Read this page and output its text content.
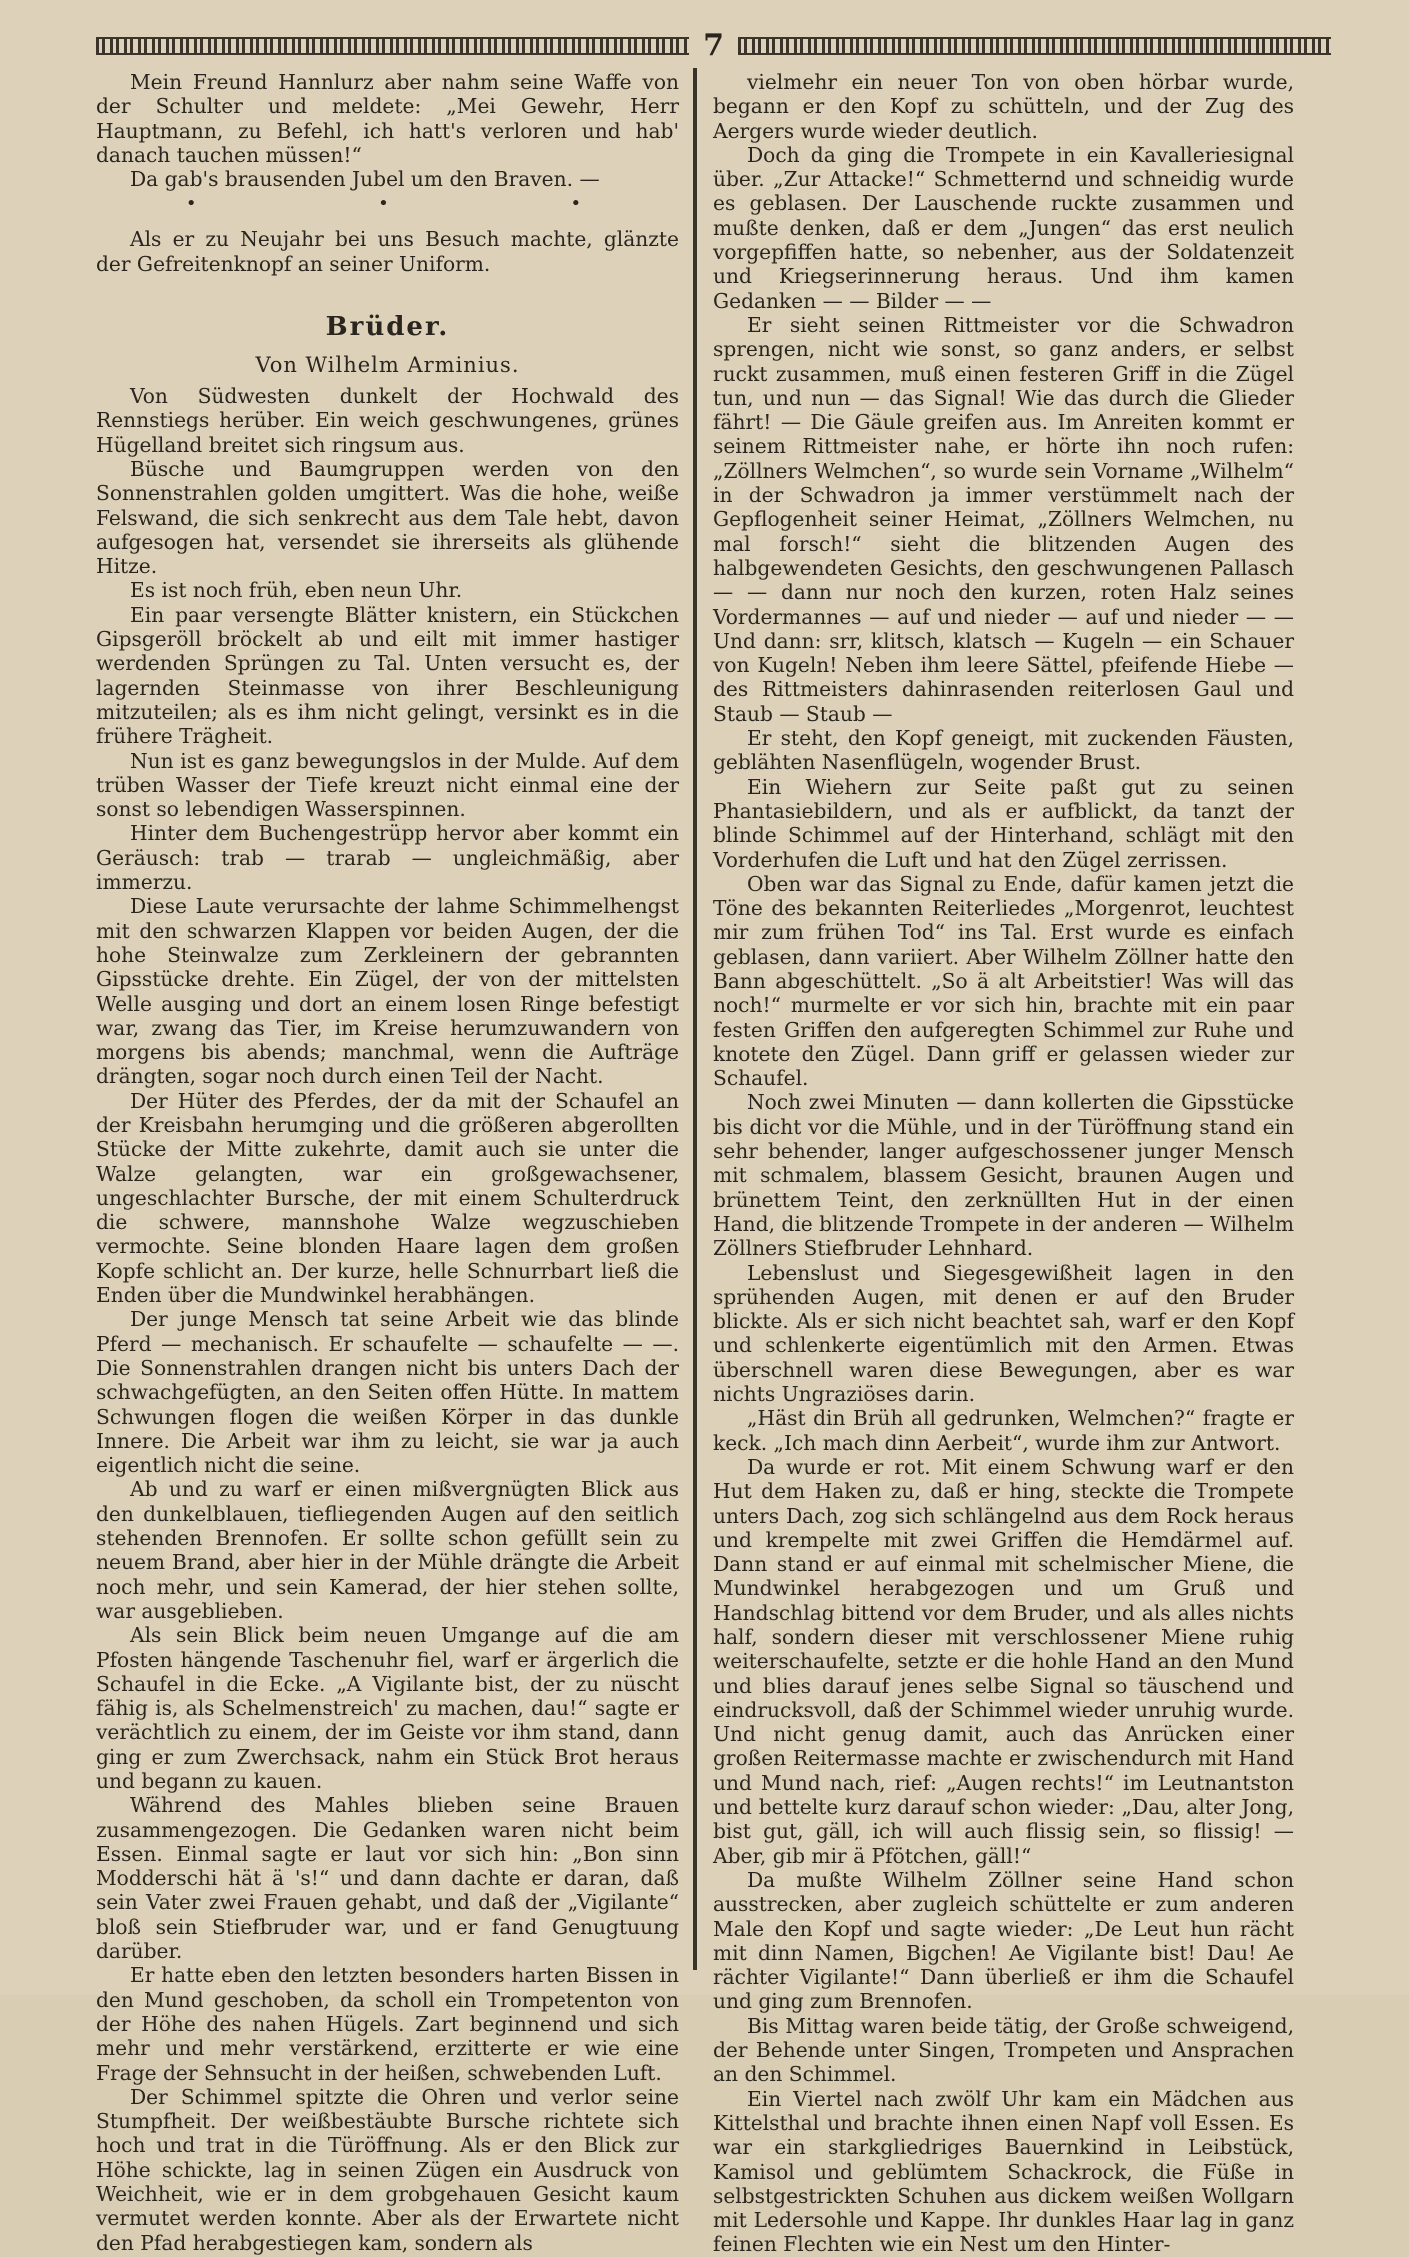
7

Mein Freund Hannlurz aber nahm seine Waffe von der Schulter und meldete: „Mei Gewehr, Herr Hauptmann, zu Befehl, ich hatt's verloren und hab' danach tauchen müssen!“

Da gab's brausenden Jubel um den Braven. —

• • •

Als er zu Neujahr bei uns Besuch machte, glänzte der Gefreitenknopf an seiner Uniform.

Brüder.
Von Wilhelm Arminius.

Von Südwesten dunkelt der Hochwald des Rennstiegs herüber. Ein weich geschwungenes, grünes Hügelland breitet sich ringsum aus.

Büsche und Baumgruppen werden von den Sonnenstrahlen golden umgittert. Was die hohe, weiße Felswand, die sich senkrecht aus dem Tale hebt, davon aufgesogen hat, versendet sie ihrerseits als glühende Hitze.

Es ist noch früh, eben neun Uhr.

Ein paar versengte Blätter knistern, ein Stückchen Gipsgeröll bröckelt ab und eilt mit immer hastiger werdenden Sprüngen zu Tal. Unten versucht es, der lagernden Steinmasse von ihrer Beschleunigung mitzuteilen; als es ihm nicht gelingt, versinkt es in die frühere Trägheit.

Nun ist es ganz bewegungslos in der Mulde. Auf dem trüben Wasser der Tiefe kreuzt nicht einmal eine der sonst so lebendigen Wasserspinnen.

Hinter dem Buchengestrüpp hervor aber kommt ein Geräusch: trab — trarab — ungleichmäßig, aber immerzu.

Diese Laute verursachte der lahme Schimmelhengst mit den schwarzen Klappen vor beiden Augen, der die hohe Steinwalze zum Zerkleinern der gebrannten Gipsstücke drehte. Ein Zügel, der von der mittelsten Welle ausging und dort an einem losen Ringe befestigt war, zwang das Tier, im Kreise herumzuwandern von morgens bis abends; manchmal, wenn die Aufträge drängten, sogar noch durch einen Teil der Nacht.

Der Hüter des Pferdes, der da mit der Schaufel an der Kreisbahn herumging und die größeren abgerollten Stücke der Mitte zukehrte, damit auch sie unter die Walze gelangten, war ein großgewachsener, ungeschlachter Bursche, der mit einem Schulterdruck die schwere, mannshohe Walze wegzuschieben vermochte. Seine blonden Haare lagen dem großen Kopfe schlicht an. Der kurze, helle Schnurrbart ließ die Enden über die Mundwinkel herabhängen.

Der junge Mensch tat seine Arbeit wie das blinde Pferd — mechanisch. Er schaufelte — schaufelte — —. Die Sonnenstrahlen drangen nicht bis unters Dach der schwachgefügten, an den Seiten offen Hütte. In mattem Schwungen flogen die weißen Körper in das dunkle Innere. Die Arbeit war ihm zu leicht, sie war ja auch eigentlich nicht die seine.

Ab und zu warf er einen mißvergnügten Blick aus den dunkelblauen, tiefliegenden Augen auf den seitlich stehenden Brennofen. Er sollte schon gefüllt sein zu neuem Brand, aber hier in der Mühle drängte die Arbeit noch mehr, und sein Kamerad, der hier stehen sollte, war ausgeblieben.

Als sein Blick beim neuen Umgange auf die am Pfosten hängende Taschenuhr fiel, warf er ärgerlich die Schaufel in die Ecke. „A Vigilante bist, der zu nüscht fähig is, als Schelmenstreich' zu machen, dau!“ sagte er verächtlich zu einem, der im Geiste vor ihm stand, dann ging er zum Zwerchsack, nahm ein Stück Brot heraus und begann zu kauen.

Während des Mahles blieben seine Brauen zusammengezogen. Die Gedanken waren nicht beim Essen. Einmal sagte er laut vor sich hin: „Bon sinn Modderschi hät ä 's!“ und dann dachte er daran, daß sein Vater zwei Frauen gehabt, und daß der „Vigilante“ bloß sein Stiefbruder war, und er fand Genugtuung darüber.

Er hatte eben den letzten besonders harten Bissen in den Mund geschoben, da scholl ein Trompetenton von der Höhe des nahen Hügels. Zart beginnend und sich mehr und mehr verstärkend, erzitterte er wie eine Frage der Sehnsucht in der heißen, schwebenden Luft.

Der Schimmel spitzte die Ohren und verlor seine Stumpfheit. Der weißbestäubte Bursche richtete sich hoch und trat in die Türöffnung. Als er den Blick zur Höhe schickte, lag in seinen Zügen ein Ausdruck von Weichheit, wie er in dem grobgehauen Gesicht kaum vermutet werden konnte. Aber als der Erwartete nicht den Pfad herabgestiegen kam, sondern als

vielmehr ein neuer Ton von oben hörbar wurde, begann er den Kopf zu schütteln, und der Zug des Aergers wurde wieder deutlich.

Doch da ging die Trompete in ein Kavalleriesignal über. „Zur Attacke!“ Schmetternd und schneidig wurde es geblasen. Der Lauschende ruckte zusammen und mußte denken, daß er dem „Jungen“ das erst neulich vorgepfiffen hatte, so nebenher, aus der Soldatenzeit und Kriegserinnerung heraus. Und ihm kamen Gedanken — — Bilder — —

Er sieht seinen Rittmeister vor die Schwadron sprengen, nicht wie sonst, so ganz anders, er selbst ruckt zusammen, muß einen festeren Griff in die Zügel tun, und nun — das Signal! Wie das durch die Glieder fährt! — Die Gäule greifen aus. Im Anreiten kommt er seinem Rittmeister nahe, er hörte ihn noch rufen: „Zöllners Welmchen“, so wurde sein Vorname „Wilhelm“ in der Schwadron ja immer verstümmelt nach der Gepflogenheit seiner Heimat, „Zöllners Welmchen, nu mal forsch!“ sieht die blitzenden Augen des halbgewendeten Gesichts, den geschwungenen Pallasch — — dann nur noch den kurzen, roten Halz seines Vordermannes — auf und nieder — auf und nieder — — Und dann: srr, klitsch, klatsch — Kugeln — ein Schauer von Kugeln! Neben ihm leere Sättel, pfeifende Hiebe — des Rittmeisters dahinrasenden reiterlosen Gaul und Staub — Staub —

Er steht, den Kopf geneigt, mit zuckenden Fäusten, geblähten Nasenflügeln, wogender Brust.

Ein Wiehern zur Seite paßt gut zu seinen Phantasiebildern, und als er aufblickt, da tanzt der blinde Schimmel auf der Hinterhand, schlägt mit den Vorderhufen die Luft und hat den Zügel zerrissen.

Oben war das Signal zu Ende, dafür kamen jetzt die Töne des bekannten Reiterliedes „Morgenrot, leuchtest mir zum frühen Tod“ ins Tal. Erst wurde es einfach geblasen, dann variiert. Aber Wilhelm Zöllner hatte den Bann abgeschüttelt. „So ä alt Arbeitstier! Was will das noch!“ murmelte er vor sich hin, brachte mit ein paar festen Griffen den aufgeregten Schimmel zur Ruhe und knotete den Zügel. Dann griff er gelassen wieder zur Schaufel.

Noch zwei Minuten — dann kollerten die Gipsstücke bis dicht vor die Mühle, und in der Türöffnung stand ein sehr behender, langer aufgeschossener junger Mensch mit schmalem, blassem Gesicht, braunen Augen und brünettem Teint, den zerknüllten Hut in der einen Hand, die blitzende Trompete in der anderen — Wilhelm Zöllners Stiefbruder Lehnhard.

Lebenslust und Siegesgewißheit lagen in den sprühenden Augen, mit denen er auf den Bruder blickte. Als er sich nicht beachtet sah, warf er den Kopf und schlenkerte eigentümlich mit den Armen. Etwas überschnell waren diese Bewegungen, aber es war nichts Ungraziöses darin.

„Häst din Brüh all gedrunken, Welmchen?“ fragte er keck. „Ich mach dinn Aerbeit“, wurde ihm zur Antwort.

Da wurde er rot. Mit einem Schwung warf er den Hut dem Haken zu, daß er hing, steckte die Trompete unters Dach, zog sich schlängelnd aus dem Rock heraus und krempelte mit zwei Griffen die Hemdärmel auf. Dann stand er auf einmal mit schelmischer Miene, die Mundwinkel herabgezogen und um Gruß und Handschlag bittend vor dem Bruder, und als alles nichts half, sondern dieser mit verschlossener Miene ruhig weiterschaufelte, setzte er die hohle Hand an den Mund und blies darauf jenes selbe Signal so täuschend und eindrucksvoll, daß der Schimmel wieder unruhig wurde. Und nicht genug damit, auch das Anrücken einer großen Reitermasse machte er zwischendurch mit Hand und Mund nach, rief: „Augen rechts!“ im Leutnantston und bettelte kurz darauf schon wieder: „Dau, alter Jong, bist gut, gäll, ich will auch flissig sein, so flissig! — Aber, gib mir ä Pfötchen, gäll!“

Da mußte Wilhelm Zöllner seine Hand schon ausstrecken, aber zugleich schüttelte er zum anderen Male den Kopf und sagte wieder: „De Leut hun rächt mit dinn Namen, Bigchen! Ae Vigilante bist! Dau! Ae rächter Vigilante!“ Dann überließ er ihm die Schaufel und ging zum Brennofen.

Bis Mittag waren beide tätig, der Große schweigend, der Behende unter Singen, Trompeten und Ansprachen an den Schimmel.

Ein Viertel nach zwölf Uhr kam ein Mädchen aus Kittelsthal und brachte ihnen einen Napf voll Essen. Es war ein starkgliedriges Bauernkind in Leibstück, Kamisol und geblümtem Schackrock, die Füße in selbstgestrickten Schuhen aus dickem weißen Wollgarn mit Ledersohle und Kappe. Ihr dunkles Haar lag in ganz feinen Flechten wie ein Nest um den Hinter-
